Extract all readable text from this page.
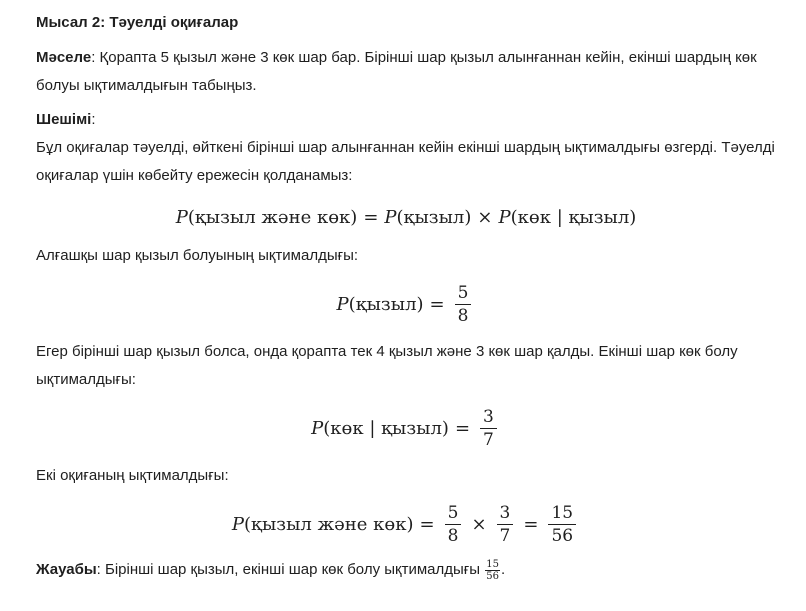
Мысал 2: Тәуелді оқиғалар
Мәселе: Қорапта 5 қызыл және 3 көк шар бар. Бірінші шар қызыл алынғаннан кейін, екінші шардың көк болуы ықтималдығын табыңыз.
Шешімі:
Бұл оқиғалар тәуелді, өйткені бірінші шар алынғаннан кейін екінші шардың ықтималдығы өзгерді. Тәуелді оқиғалар үшін көбейту ережесін қолданамыз:
P (қызыл және көк) = P (қызыл) × P (көк | қызыл)
Алғашқы шар қызыл болуының ықтималдығы:
P (қызыл) = $\frac{5}{8}$
Егер бірінші шар қызыл болса, онда қорапта тек 4 қызыл және 3 көк шар қалды. Екінші шар көк болу ықтималдығы:
P (көк | қызыл) = $\frac{3}{7}$
Екі оқиғаның ықтималдығы:
P (қызыл және $көк) = \frac{5}{8} \times \frac{3}{7} = \frac{15}{56}$
Жауабы: Бірінші шар қызыл, екінші шар көк болу ықтималдығы $\frac{15}{56}$ .
